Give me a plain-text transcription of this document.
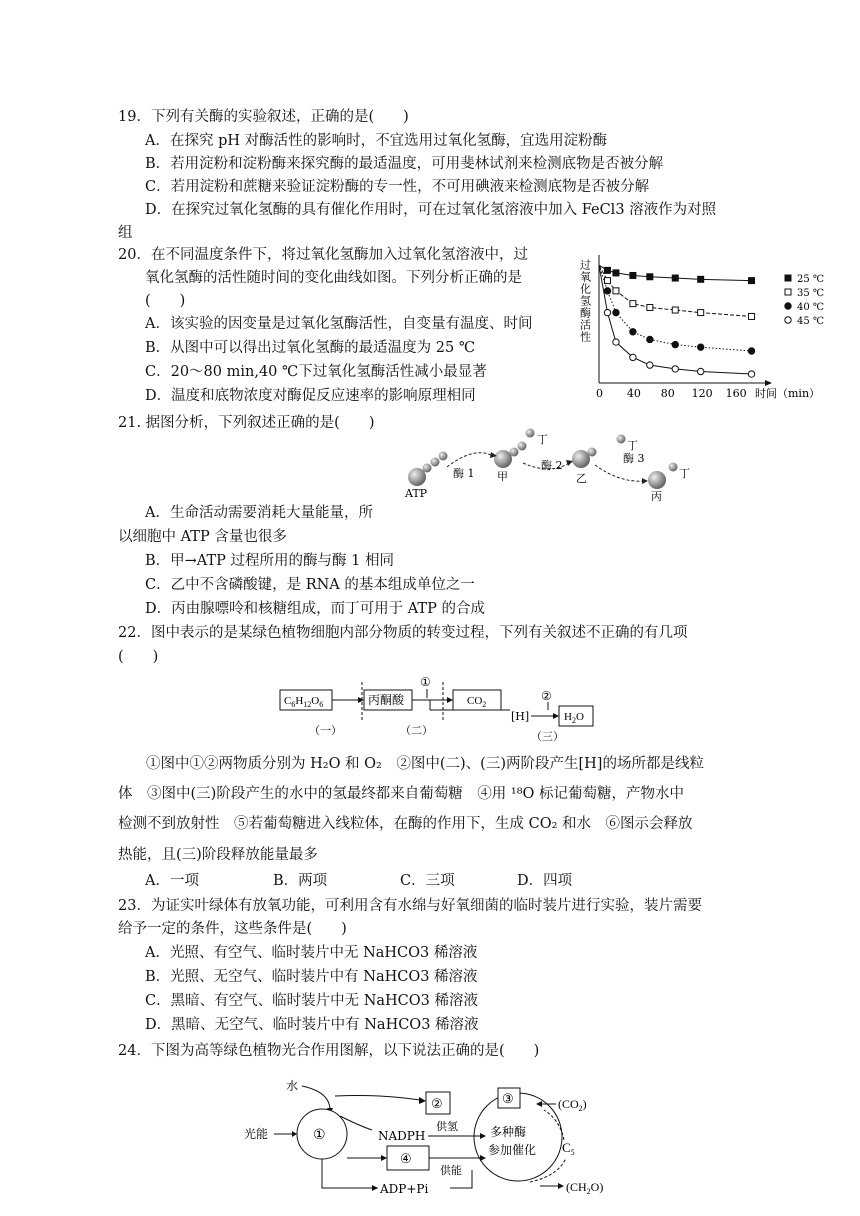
19．下列有关酶的实验叙述，正确的是(　　)
A．在探究 pH 对酶活性的影响时，不宜选用过氧化氢酶，宜选用淀粉酶
B．若用淀粉和淀粉酶来探究酶的最适温度，可用斐林试剂来检测底物是否被分解
C．若用淀粉和蔗糖来验证淀粉酶的专一性，不可用碘液来检测底物是否被分解
D．在探究过氧化氢酶的具有催化作用时，可在过氧化氢溶液中加入 FeCl3 溶液作为对照
组
20．在不同温度条件下，将过氧化氢酶加入过氧化氢溶液中，过
氧化氢酶的活性随时间的变化曲线如图。下列分析正确的是
(　　)
A．该实验的因变量是过氧化氢酶活性，自变量有温度、时间
B．从图中可以得出过氧化氢酶的最适温度为 25 ℃
C．20～80 min,40 ℃下过氧化氢酶活性减小最显著
D．温度和底物浓度对酶促反应速率的影响原理相同
过氧化氢酶活性
0 40 80 120 160 时间（min）
25 ℃
35 ℃
40 ℃
45 ℃
21. 据图分析，下列叙述正确的是(　　)
ATP
甲	乙
丙
丁	丁
丁
酶 1
酶 2
酶 3
A．生命活动需要消耗大量能量，所
以细胞中 ATP 含量也很多
B．甲→ATP 过程所用的酶与酶 1 相同
C．乙中不含磷酸键，是 RNA 的基本组成单位之一
D．丙由腺嘌呤和核糖组成，而丁可用于 ATP 的合成
22．图中表示的是某绿色植物细胞内部分物质的转变过程，下列有关叙述不正确的有几项
(　　)
$C_6H_{12}O_6$	丙酮酸
①
$CO_2$
②
[H]	$H_2O$
（一）	（二）	（三）
①图中①②两物质分别为 H₂O 和 O₂　②图中(二)、(三)两阶段产生[H]的场所都是线粒
体　③图中(三)阶段产生的水中的氢最终都来自葡萄糖　④用 ¹⁸O 标记葡萄糖，产物水中
检测不到放射性　⑤若葡萄糖进入线粒体，在酶的作用下，生成 CO₂ 和水　⑥图示会释放
热能，且(三)阶段释放能量最多
A．一项	B．两项	C．三项	D．四项
23．为证实叶绿体有放氧功能，可利用含有水绵与好氧细菌的临时装片进行实验，装片需要
给予一定的条件，这些条件是(　　)
A．光照、有空气、临时装片中无 NaHCO3 稀溶液
B．光照、无空气、临时装片中有 NaHCO3 稀溶液
C．黑暗、有空气、临时装片中无 NaHCO3 稀溶液
D．黑暗、无空气、临时装片中有 NaHCO3 稀溶液
24．下图为高等绿色植物光合作用图解，以下说法正确的是(　　)
水
①
光能
②
NADPH
供氢
④
供能
ADP+Pi
③
多种酶
参加催化
$(CO_2)$
$C_5$
$(CH_2O)$
